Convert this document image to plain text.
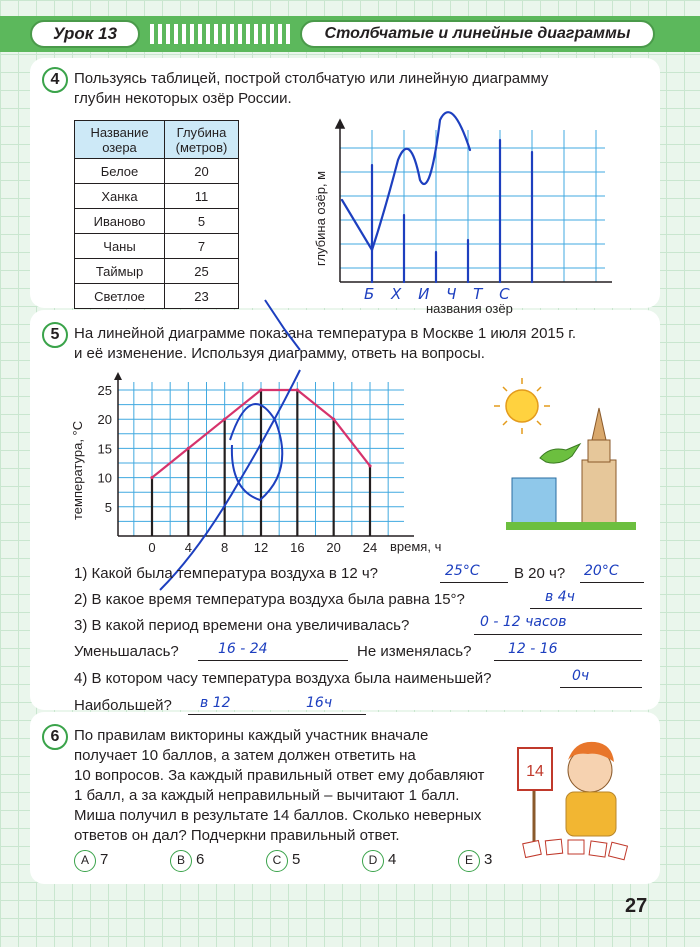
Урок 13	Столбчатые и линейные диаграммы
4 Пользуясь таблицей, построй столбчатую или линейную диаграмму
глубин некоторых озёр России.
Название
озера	Глубина
(метров)
Белое	20
Ханка	11
Иваново	5
Чаны	7
Таймыр	25
Светлое	23	Б Х И Ч Т С
глубина озёр, м
названия озёр
5 На линейной диаграмме показана температура в Москве 1 июля 2015 г.
и её изменение. Используя диаграмму, ответь на вопросы.
5
10
15
20
25
0 4 8 12 16 20 24
температура, °С
время, ч
1) Какой была температура воздуха в 12 ч?	25°С В 20 ч? 20°С
2) В какое время температура воздуха была равна 15°?	в 4ч
3) В какой период времени она увеличивалась?	0 - 12 часов
Уменьшалась?	16 - 24	Не изменялась?	12 - 16
4) В котором часу температура воздуха была наименьшей?	0ч
Наибольшей? в 12	16ч
6 По правилам викторины каждый участник вначале
получает 10 баллов, а затем должен ответить на
10 вопросов. За каждый правильный ответ ему добавляют
1 балл, а за каждый неправильный – вычитают 1 балл.
Миша получил в результате 14 баллов. Сколько неверных
ответов он дал? Подчеркни правильный ответ.
А 7	В 6	С 5	D 4	Е 3
14
27
